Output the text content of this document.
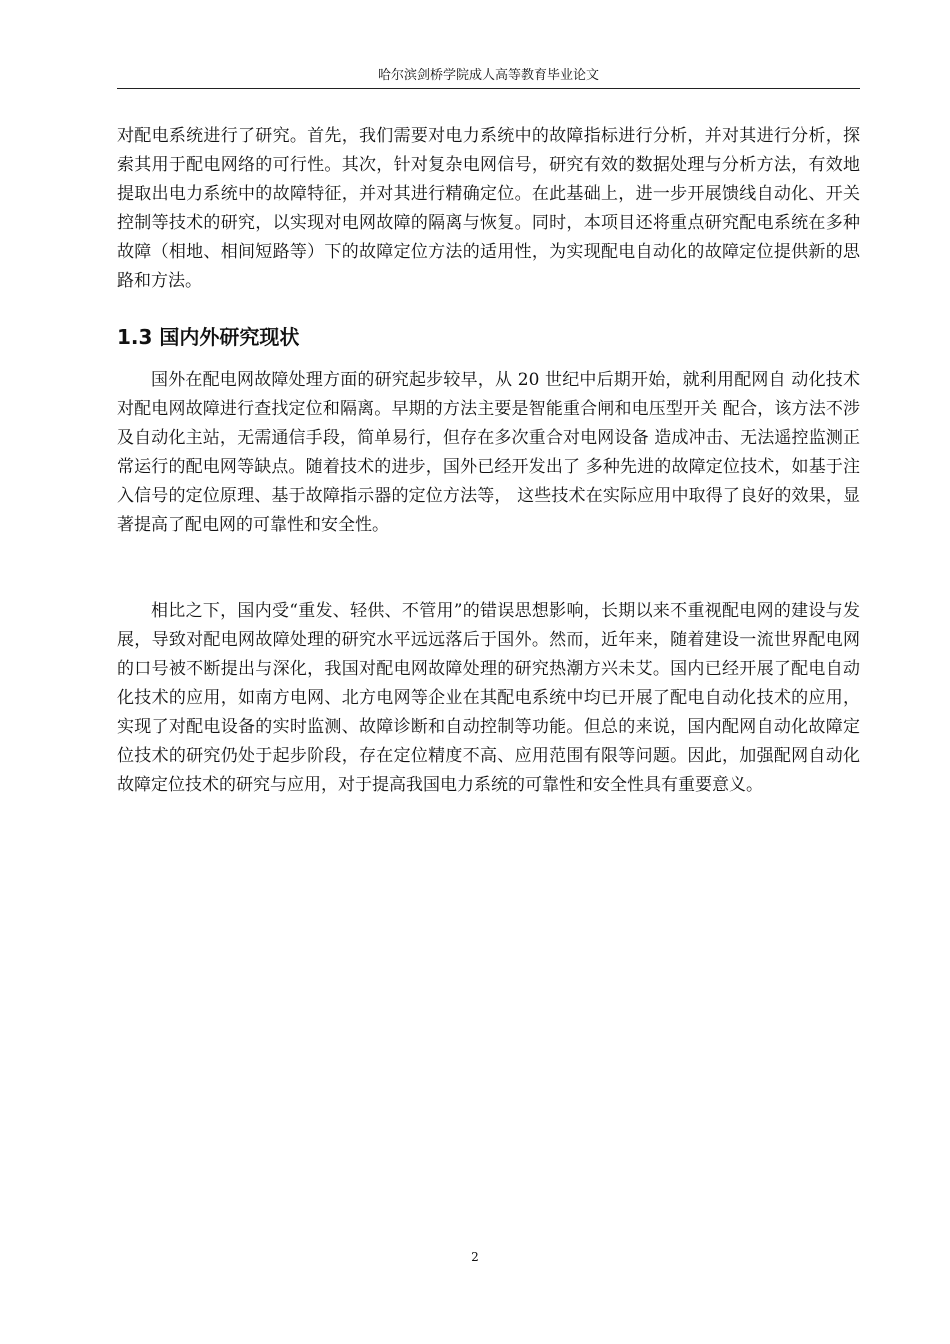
哈尔滨剑桥学院成人高等教育毕业论文

对配电系统进行了研究。首先，我们需要对电力系统中的故障指标进行分析，并对其进行分析，探索其用于配电网络的可行性。其次，针对复杂电网信号，研究有效的数据处理与分析方法，有效地提取出电力系统中的故障特征，并对其进行精确定位。在此基础上，进一步开展馈线自动化、开关控制等技术的研究，以实现对电网故障的隔离与恢复。同时，本项目还将重点研究配电系统在多种故障（相地、相间短路等）下的故障定位方法的适用性，为实现配电自动化的故障定位提供新的思路和方法。

1.3 国内外研究现状

国外在配电网故障处理方面的研究起步较早，从 20 世纪中后期开始，就利用配网自 动化技术对配电网故障进行查找定位和隔离。早期的方法主要是智能重合闸和电压型开关 配合，该方法不涉及自动化主站，无需通信手段，简单易行，但存在多次重合对电网设备 造成冲击、无法遥控监测正常运行的配电网等缺点。随着技术的进步，国外已经开发出了 多种先进的故障定位技术，如基于注入信号的定位原理、基于故障指示器的定位方法等， 这些技术在实际应用中取得了良好的效果，显著提高了配电网的可靠性和安全性。

相比之下，国内受“重发、轻供、不管用”的错误思想影响，长期以来不重视配电网的建设与发展，导致对配电网故障处理的研究水平远远落后于国外。然而，近年来，随着建设一流世界配电网的口号被不断提出与深化，我国对配电网故障处理的研究热潮方兴未艾。国内已经开展了配电自动化技术的应用，如南方电网、北方电网等企业在其配电系统中均已开展了配电自动化技术的应用，实现了对配电设备的实时监测、故障诊断和自动控制等功能。但总的来说，国内配网自动化故障定位技术的研究仍处于起步阶段，存在定位精度不高、应用范围有限等问题。因此，加强配网自动化故障定位技术的研究与应用，对于提高我国电力系统的可靠性和安全性具有重要意义。

2
